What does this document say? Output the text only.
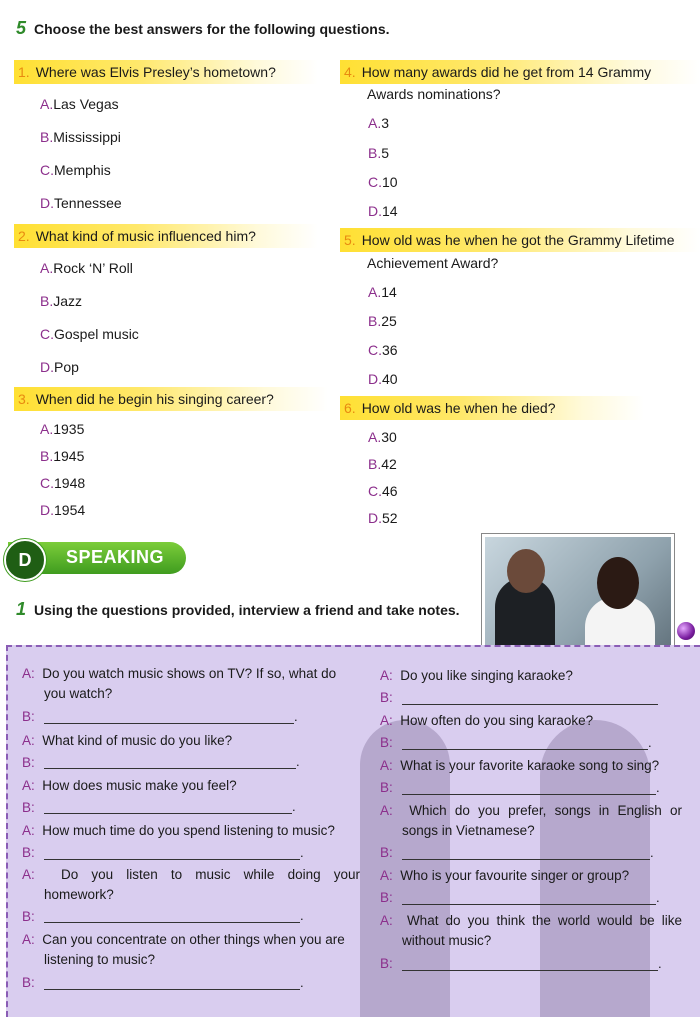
5 Choose the best answers for the following questions.
1. Where was Elvis Presley’s hometown?
A.Las Vegas
B.Mississippi
C.Memphis
D.Tennessee
2. What kind of music influenced him?
A.Rock ‘N’ Roll
B.Jazz
C.Gospel music
D.Pop
3. When did he begin his singing career?
A.1935
B.1945
C.1948
D.1954
4. How many awards did he get from 14 Grammy
Awards nominations?
A.3
B.5
C.10
D.14
5. How old was he when he got the Grammy Lifetime
Achievement Award?
A.14
B.25
C.36
D.40
6. How old was he when he died?
A.30
B.42
C.46
D.52
D	SPEAKING
1 Using the questions provided, interview a friend and take notes.
A: Do you watch music shows on TV? If so, what do
you watch?
B:	.
A: What kind of music do you like?
B:	.
A: How does music make you feel?
B:	.
A: How much time do you spend listening to music?
B:	.
A: Do you listen to music while doing your
homework?
B:	.
A: Can you concentrate on other things when you are
listening to music?
B:	.
A: Do you like singing karaoke?
B:
A: How often do you sing karaoke?
B:	.
A: What is your favorite karaoke song to sing?
B:	.
A: Which do you prefer, songs in English or
songs in Vietnamese?
B:	.
A: Who is your favourite singer or group?
B:	.
A: What do you think the world would be like
without music?
B:	.
